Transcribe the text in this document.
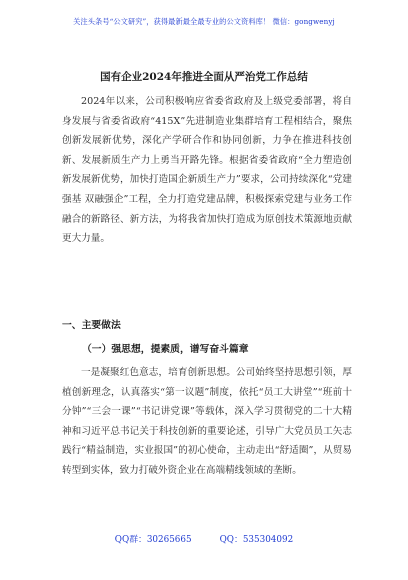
关注头条号“公文研究”，获得最新最全最专业的公文资料库！ 微信：gongwenyj
国有企业2024年推进全面从严治党工作总结

2024年以来，公司积极响应省委省政府及上级党委部署，将自身发展与省委省政府“415X”先进制造业集群培育工程相结合，聚焦创新发展新优势，深化产学研合作和协同创新，力争在推进科技创新、发展新质生产力上勇当开路先锋。根据省委省政府“全力塑造创新发展新优势，加快打造国企新质生产力”要求，公司持续深化“党建强基 双融强企”工程，全力打造党建品牌，积极探索党建与业务工作融合的新路径、新方法，为将我省加快打造成为原创技术策源地贡献更大力量。

一、主要做法
（一）强思想，提素质，谱写奋斗篇章

一是凝聚红色意志，培育创新思想。公司始终坚持思想引领，厚植创新理念，认真落实“第一议题”制度，依托“员工大讲堂”“班前十分钟”“三会一课”“书记讲党课”等载体，深入学习贯彻党的二十大精神和习近平总书记关于科技创新的重要论述，引导广大党员员工矢志践行“精益制造，实业报国”的初心使命，主动走出“舒适圈”，从贸易转型到实体，致力打破外资企业在高端精线领域的垄断。

QQ群：30265665	QQ：535304092
